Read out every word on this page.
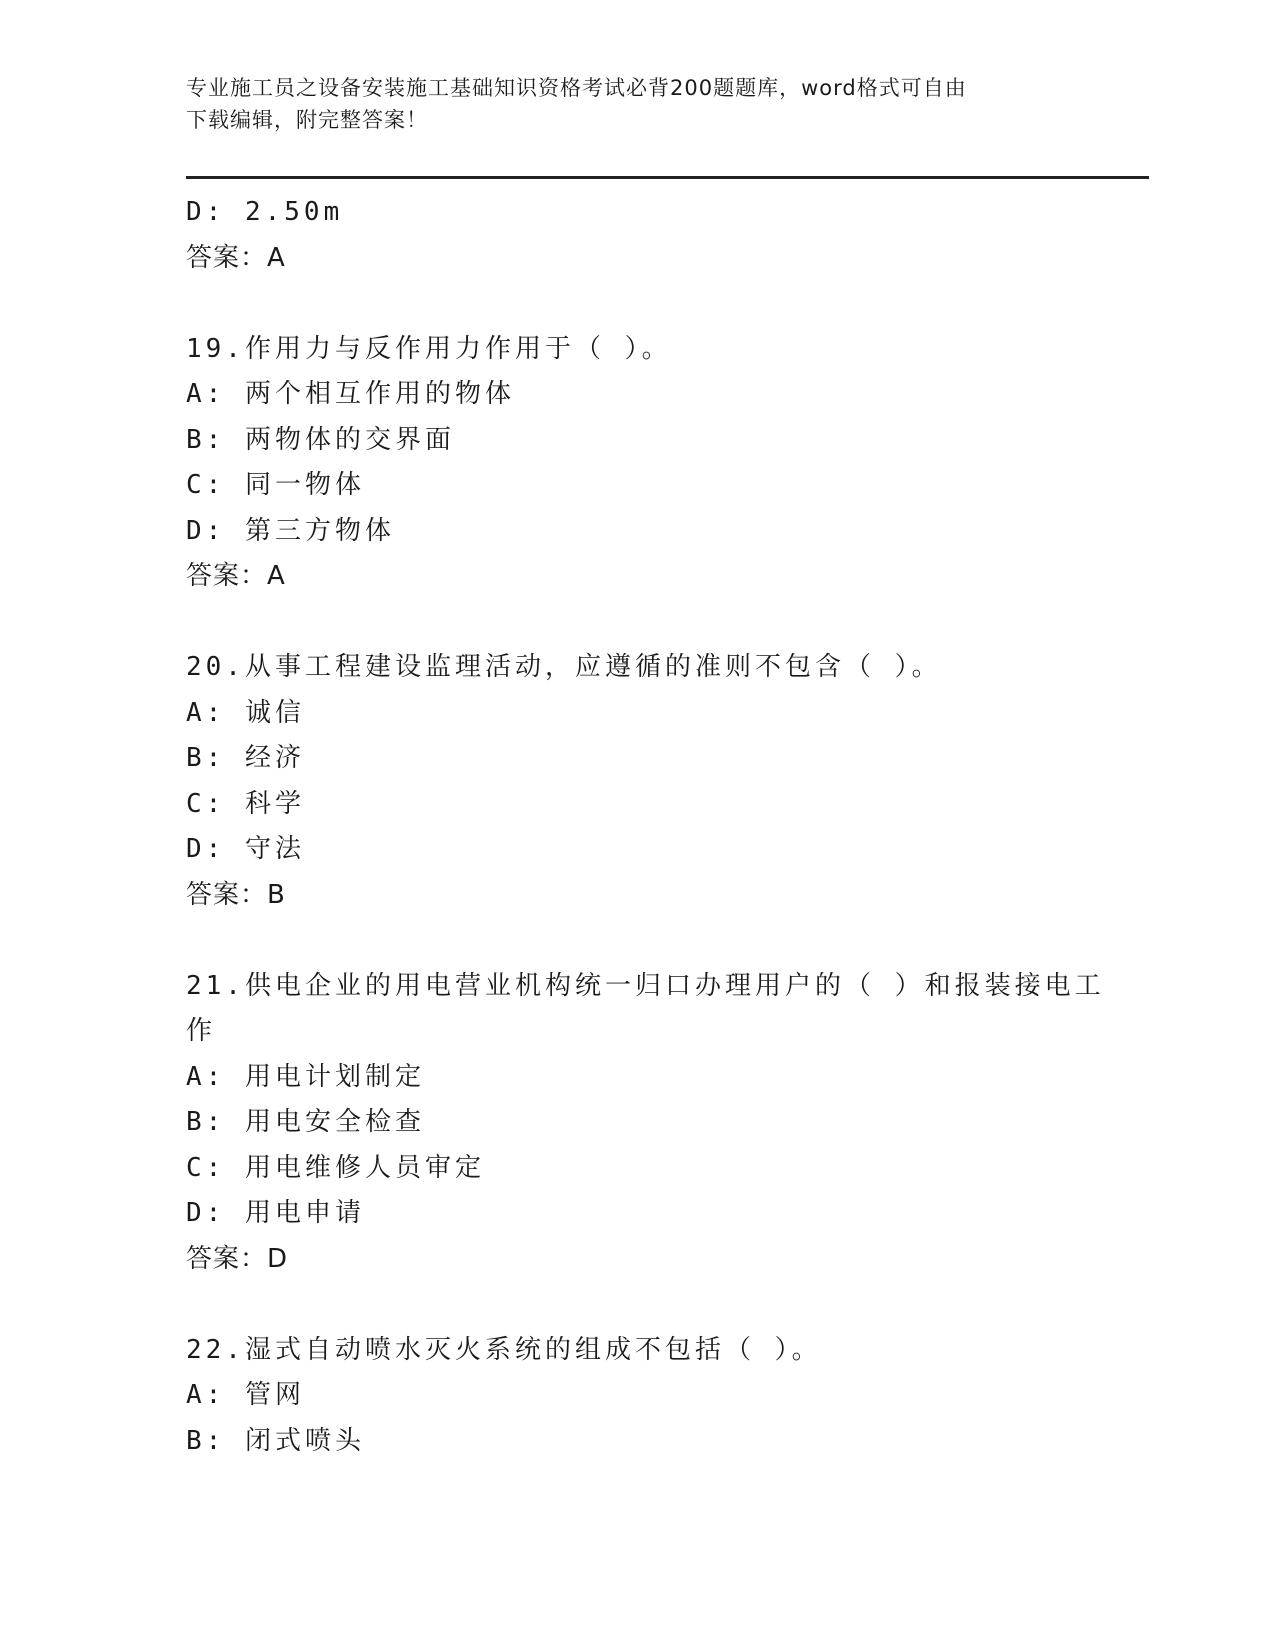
专业施工员之设备安装施工基础知识资格考试必背200题题库，word格式可自由
下载编辑，附完整答案！
D: 2.50m
答案：A
19.作用力与反作用力作用于（ ）。
A: 两个相互作用的物体
B: 两物体的交界面
C: 同一物体
D: 第三方物体
答案：A
20.从事工程建设监理活动，应遵循的准则不包含（ ）。
A: 诚信
B: 经济
C: 科学
D: 守法
答案：B
21.供电企业的用电营业机构统一归口办理用户的（ ）和报装接电工
作
A: 用电计划制定
B: 用电安全检查
C: 用电维修人员审定
D: 用电申请
答案：D
22.湿式自动喷水灭火系统的组成不包括（ ）。
A: 管网
B: 闭式喷头
